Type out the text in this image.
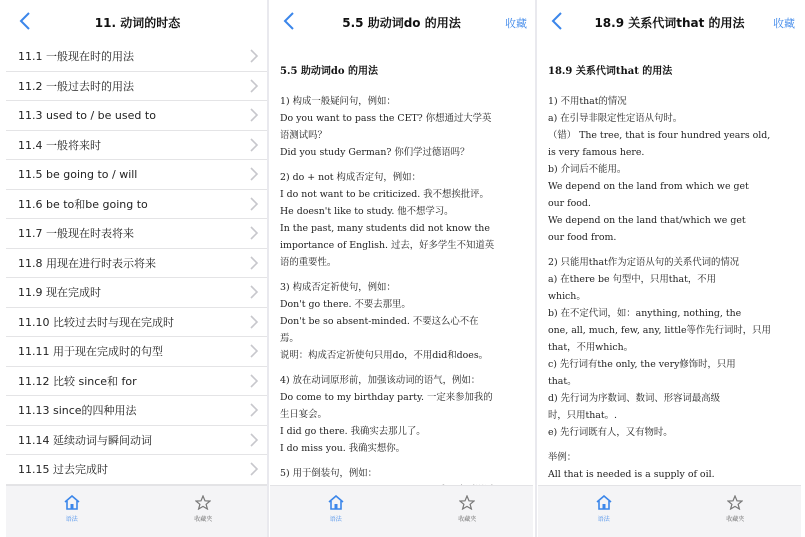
11. 动词的时态
11.1 一般现在时的用法
11.2 一般过去时的用法
11.3 used to / be used to
11.4 一般将来时
11.5 be going to / will
11.6 be to和be going to
11.7 一般现在时表将来
11.8 用现在进行时表示将来
11.9 现在完成时
11.10 比较过去时与现在完成时
11.11 用于现在完成时的句型
11.12 比较 since和 for
11.13 since的四种用法
11.14 延续动词与瞬间动词
11.15 过去完成时
语法	收藏夹
5.5 助动词do 的用法	收藏
5.5 助动词do 的用法
1) 构成一般疑问句，例如：
Do you want to pass the CET? 你想通过大学英
语测试吗？
Did you study German? 你们学过德语吗？
2) do + not 构成否定句，例如：
I do not want to be criticized. 我不想挨批评。
He doesn't like to study. 他不想学习。
In the past, many students did not know the
importance of English. 过去，好多学生不知道英
语的重要性。
3) 构成否定祈使句，例如：
Don't go there. 不要去那里。
Don't be so absent-minded. 不要这么心不在
焉。
说明：构成否定祈使句只用do，不用did和does。
4) 放在动词原形前，加强该动词的语气，例如：
Do come to my birthday party. 一定来参加我的
生日宴会。
I did go there. 我确实去那儿了。
I do miss you. 我确实想你。
5) 用于倒装句，例如：
语法	收藏夹
18.9 关系代词that 的用法	收藏
18.9 关系代词that 的用法
1) 不用that的情况
a) 在引导非限定性定语从句时。
（错） The tree, that is four hundred years old,
is very famous here.
b) 介词后不能用。
We depend on the land from which we get
our food.
We depend on the land that/which we get
our food from.
2) 只能用that作为定语从句的关系代词的情况
a) 在there be 句型中，只用that，不用
which。
b) 在不定代词，如：anything, nothing, the
one, all, much, few, any, little等作先行词时，只用
that，不用which。
c) 先行词有the only, the very修饰时，只用
that。
d) 先行词为序数词、数词、形容词最高级
时，只用that。.
e) 先行词既有人，又有物时。
举例：
All that is needed is a supply of oil.
语法	收藏夹
